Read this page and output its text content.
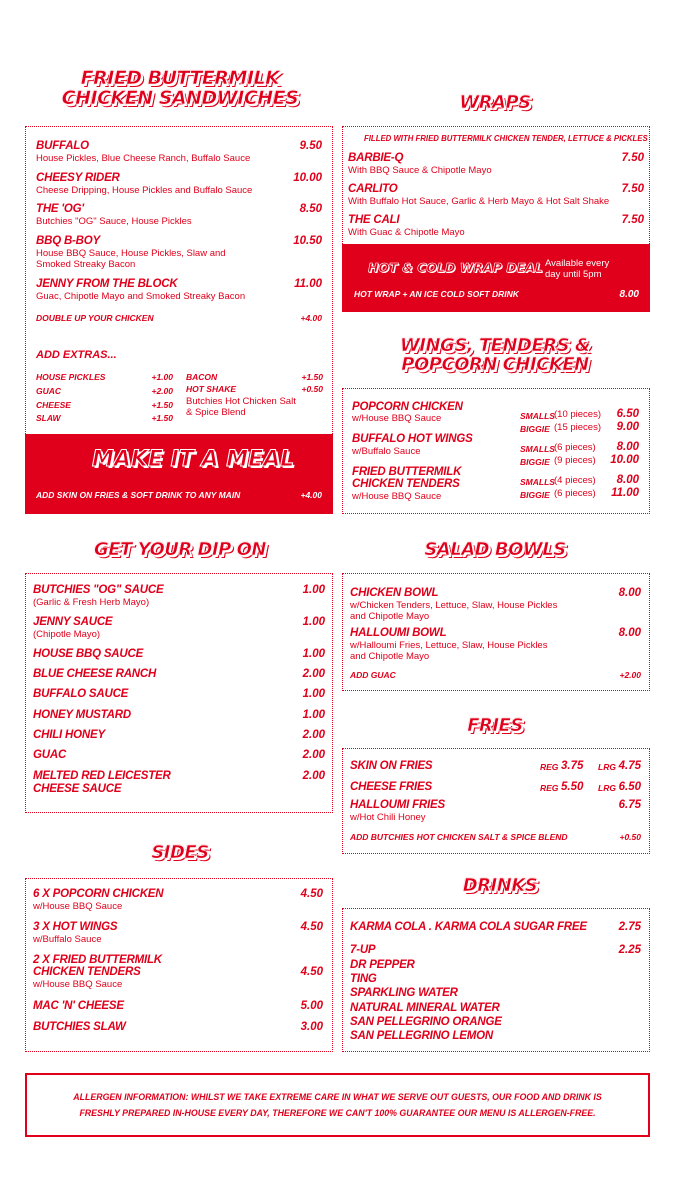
FRIED BUTTERMILK
CHICKEN SANDWICHES
BUFFALO	9.50
House Pickles, Blue Cheese Ranch, Buffalo Sauce
CHEESY RIDER	10.00
Cheese Dripping, House Pickles and Buffalo Sauce
THE 'OG'	8.50
Butchies "OG" Sauce, House Pickles
BBQ B-BOY	10.50
House BBQ Sauce, House Pickles, Slaw and
Smoked Streaky Bacon
JENNY FROM THE BLOCK	11.00
Guac, Chipotle Mayo and Smoked Streaky Bacon
DOUBLE UP YOUR CHICKEN	+4.00
ADD EXTRAS...
HOUSE PICKLES	+1.00
GUAC	+2.00
CHEESE	+1.50
SLAW	+1.50
BACON	+1.50
HOT SHAKE	+0.50
Butchies Hot Chicken Salt
& Spice Blend
MAKE IT A MEAL
ADD SKIN ON FRIES & SOFT DRINK TO ANY MAIN	+4.00
WRAPS
FILLED WITH FRIED BUTTERMILK CHICKEN TENDER, LETTUCE & PICKLES
BARBIE-Q	7.50
With BBQ Sauce & Chipotle Mayo
CARLITO	7.50
With Buffalo Hot Sauce, Garlic & Herb Mayo & Hot Salt Shake
THE CALI	7.50
With Guac & Chipotle Mayo
HOT & COLD WRAP DEAL Available every
day until 5pm
HOT WRAP + AN ICE COLD SOFT DRINK	8.00
WINGS, TENDERS &
POPCORN CHICKEN
POPCORN CHICKEN
w/House BBQ Sauce	SMALLS (10 pieces) 6.50
BIGGIE (15 pieces) 9.00
BUFFALO HOT WINGS
w/Buffalo Sauce	SMALLS (6 pieces) 8.00
BIGGIE (9 pieces) 10.00
FRIED BUTTERMILK
CHICKEN TENDERS
w/House BBQ Sauce
SMALLS (4 pieces) 8.00
BIGGIE (6 pieces) 11.00
GET YOUR DIP ON
BUTCHIES "OG" SAUCE	1.00
(Garlic & Fresh Herb Mayo)
JENNY SAUCE	1.00
(Chipotle Mayo)
HOUSE BBQ SAUCE	1.00
BLUE CHEESE RANCH	2.00
BUFFALO SAUCE	1.00
HONEY MUSTARD	1.00
CHILI HONEY	2.00
GUAC	2.00
MELTED RED LEICESTER
CHEESE SAUCE
2.00
SALAD BOWLS
CHICKEN BOWL	8.00
w/Chicken Tenders, Lettuce, Slaw, House Pickles
and Chipotle Mayo
HALLOUMI BOWL	8.00
w/Halloumi Fries, Lettuce, Slaw, House Pickles
and Chipotle Mayo
ADD GUAC	+2.00
FRIES
SKIN ON FRIES	REG 3.75 LRG 4.75
CHEESE FRIES	REG 5.50 LRG 6.50
HALLOUMI FRIES	6.75
w/Hot Chili Honey
ADD BUTCHIES HOT CHICKEN SALT & SPICE BLEND	+0.50
SIDES
6 X POPCORN CHICKEN	4.50
w/House BBQ Sauce
3 X HOT WINGS	4.50
w/Buffalo Sauce
2 X FRIED BUTTERMILK
CHICKEN TENDERS	4.50
w/House BBQ Sauce
MAC 'N' CHEESE	5.00
BUTCHIES SLAW	3.00
DRINKS
KARMA COLA . KARMA COLA SUGAR FREE	2.75
7-UP	2.25
DR PEPPER
TING
SPARKLING WATER
NATURAL MINERAL WATER
SAN PELLEGRINO ORANGE
SAN PELLEGRINO LEMON
ALLERGEN INFORMATION: WHILST WE TAKE EXTREME CARE IN WHAT WE SERVE OUT GUESTS, OUR FOOD AND DRINK IS
FRESHLY PREPARED IN-HOUSE EVERY DAY, THEREFORE WE CAN'T 100% GUARANTEE OUR MENU IS ALLERGEN-FREE.
